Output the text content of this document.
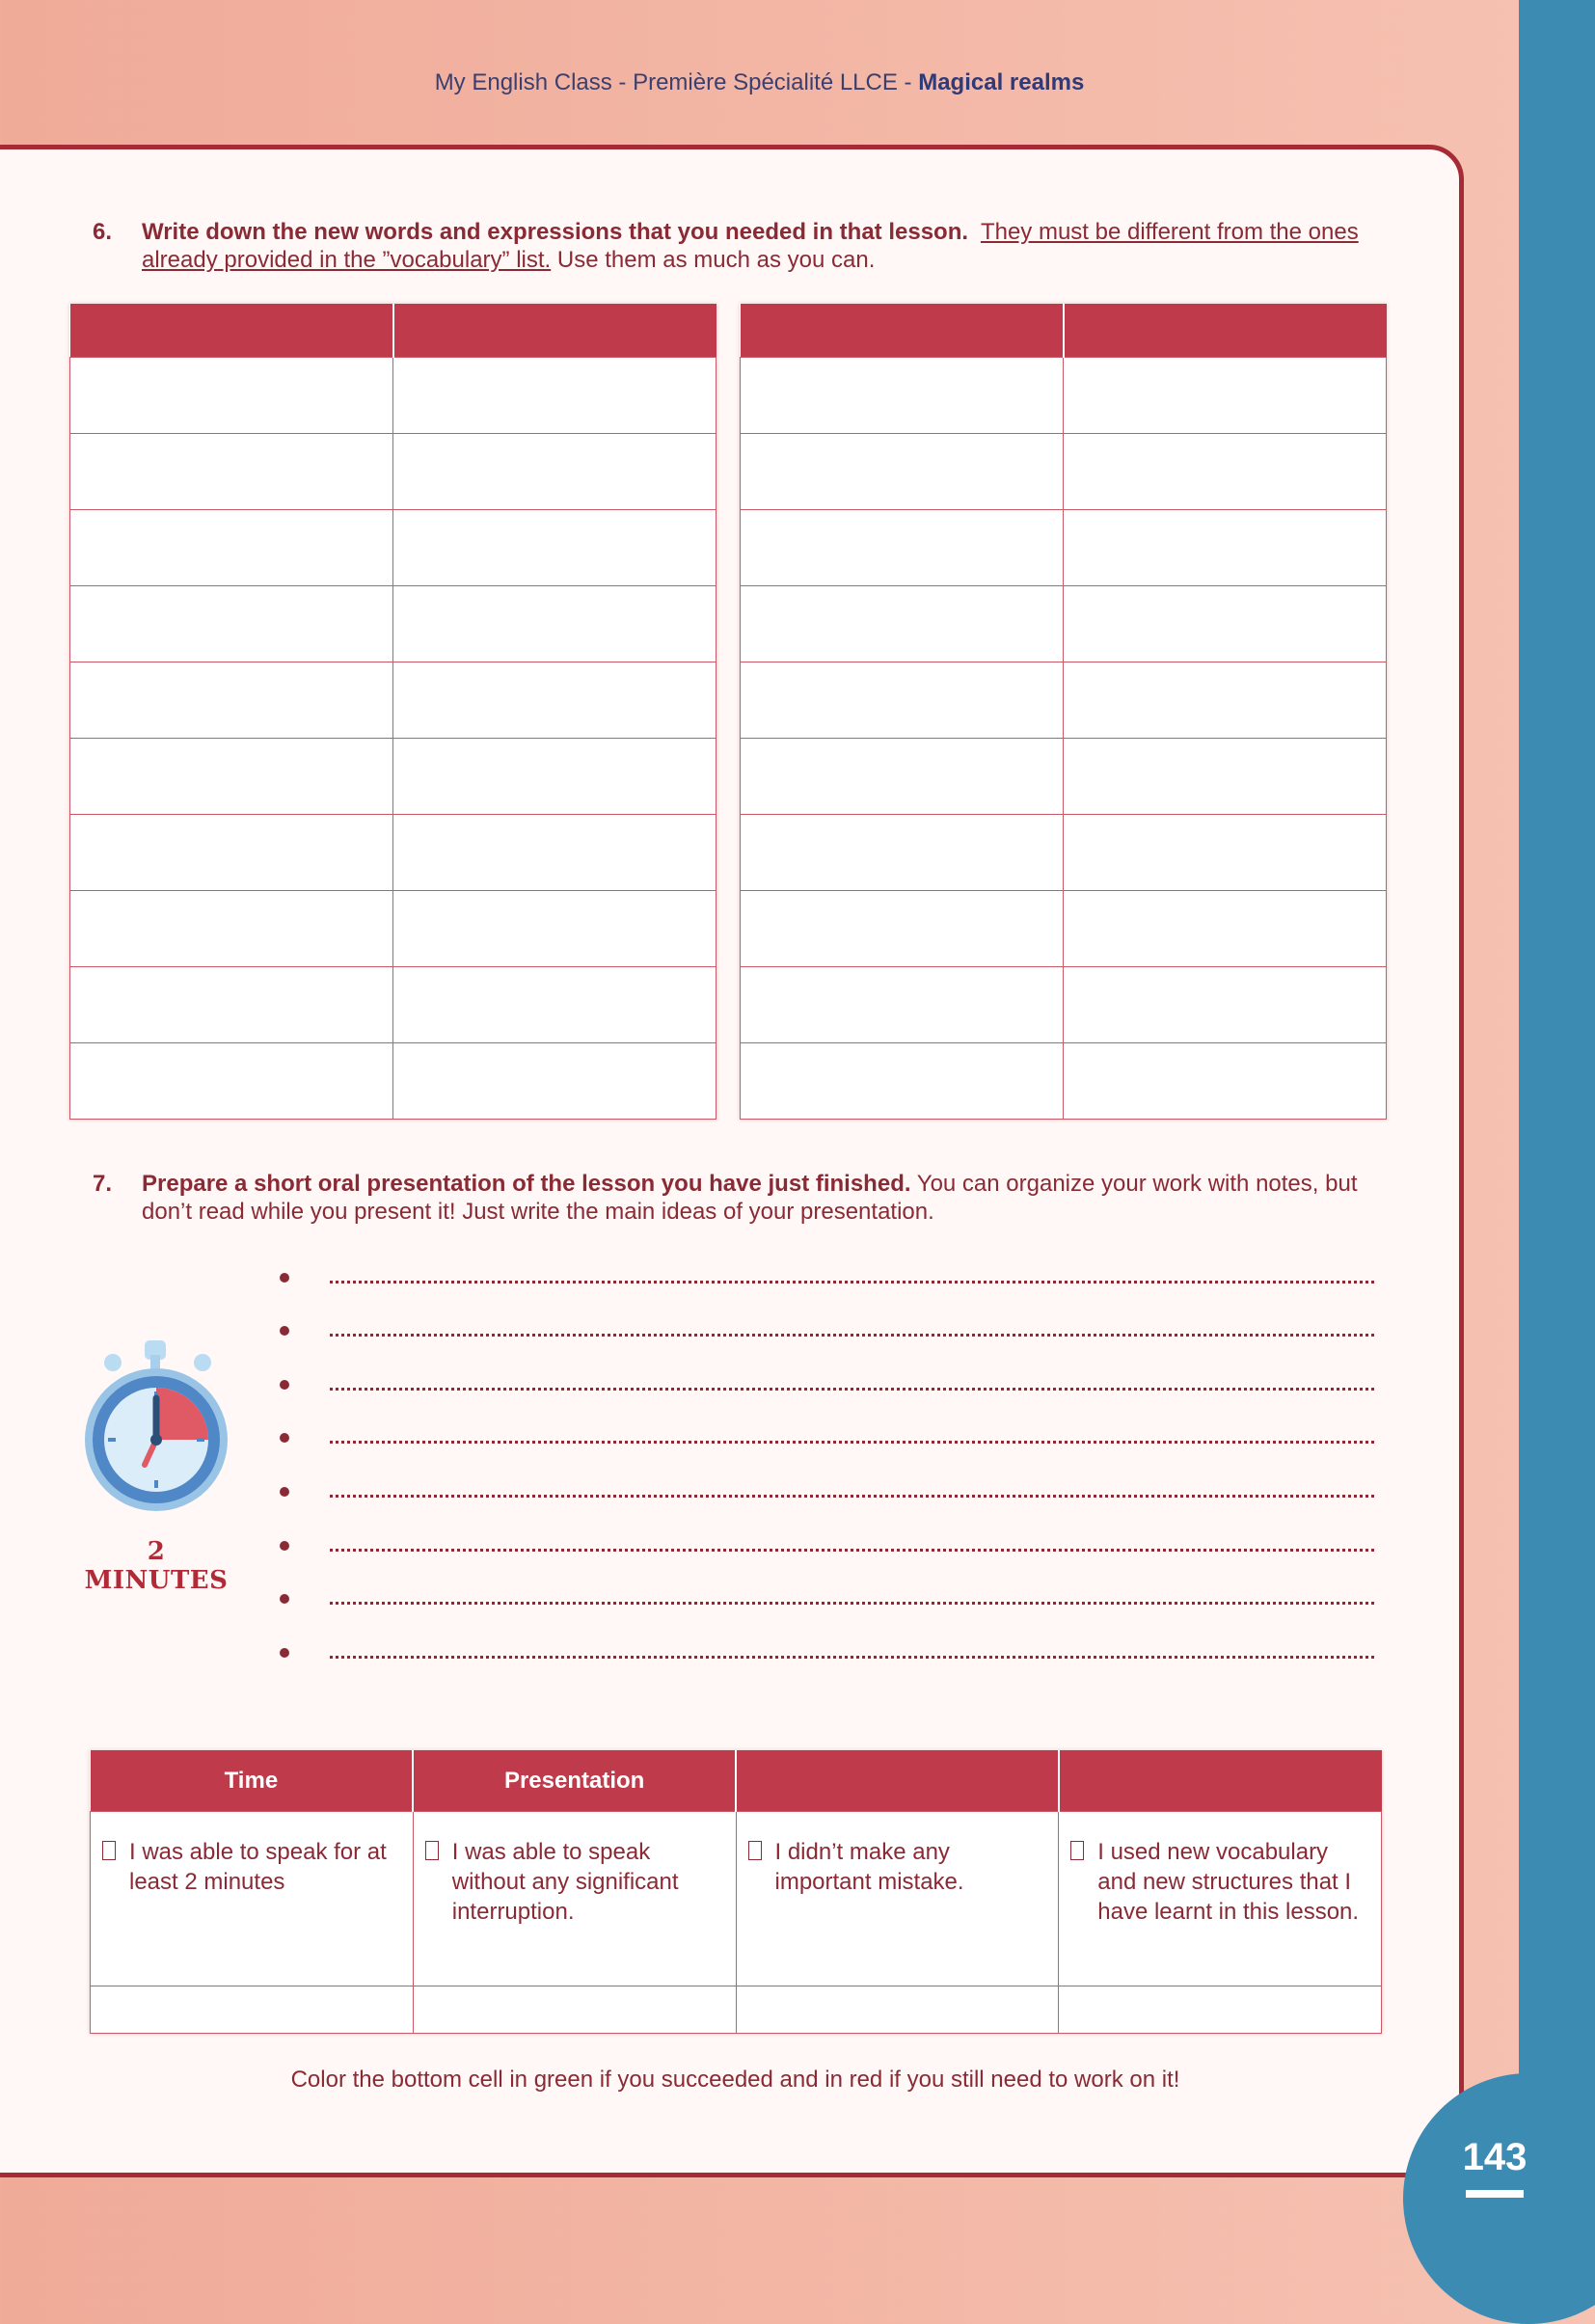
My English Class - Première Spécialité LLCE - Magical realms
6. Write down the new words and expressions that you needed in that lesson. They must be different from the ones already provided in the ”vocabulary” list. Use them as much as you can.

7. Prepare a short oral presentation of the lesson you have just finished. You can organize your work with notes, but don’t read while you present it! Just write the main ideas of your presentation.
2 MINUTES
Time	Presentation		

I was able to speak for at least 2 minutes	I was able to speak without any significant interruption.	I didn’t make any important mistake.	I used new vocabulary and new structures that I have learnt in this lesson.

Color the bottom cell in green if you succeeded and in red if you still need to work on it!
143
